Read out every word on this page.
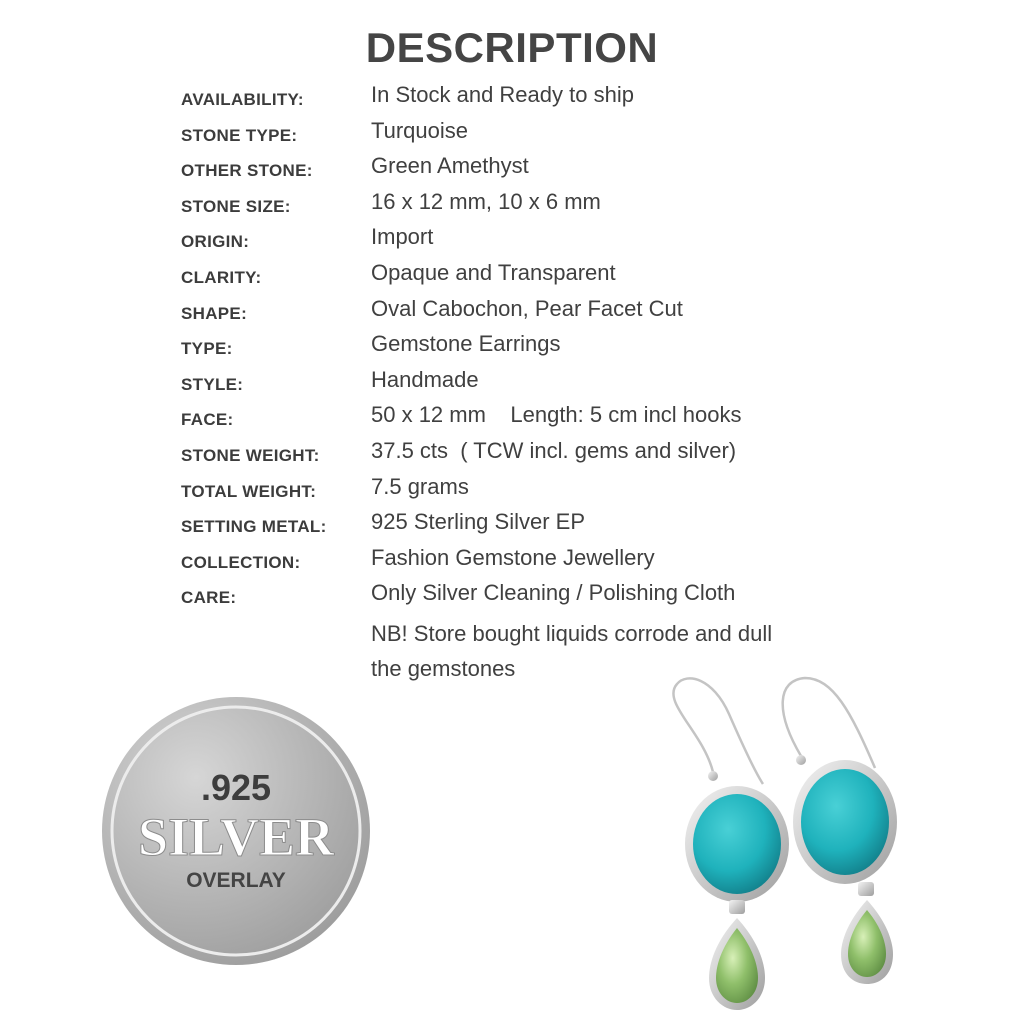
DESCRIPTION
AVAILABILITY:	In Stock and Ready to ship
STONE TYPE:	Turquoise
OTHER STONE:	Green Amethyst
STONE SIZE:	16 x 12 mm, 10 x 6 mm
ORIGIN:	Import
CLARITY:	Opaque and Transparent
SHAPE:	Oval Cabochon, Pear Facet Cut
TYPE:	Gemstone Earrings
STYLE:	Handmade
FACE:	50 x 12 mm    Length: 5 cm incl hooks
STONE WEIGHT: 37.5 cts  ( TCW incl. gems and silver)
TOTAL WEIGHT: 7.5 grams
SETTING METAL: 925 Sterling Silver EP
COLLECTION:	Fashion Gemstone Jewellery
CARE:	Only Silver Cleaning / Polishing Cloth
NB! Store bought liquids corrode and dull
the gemstones
.925
SILVER
OVERLAY
